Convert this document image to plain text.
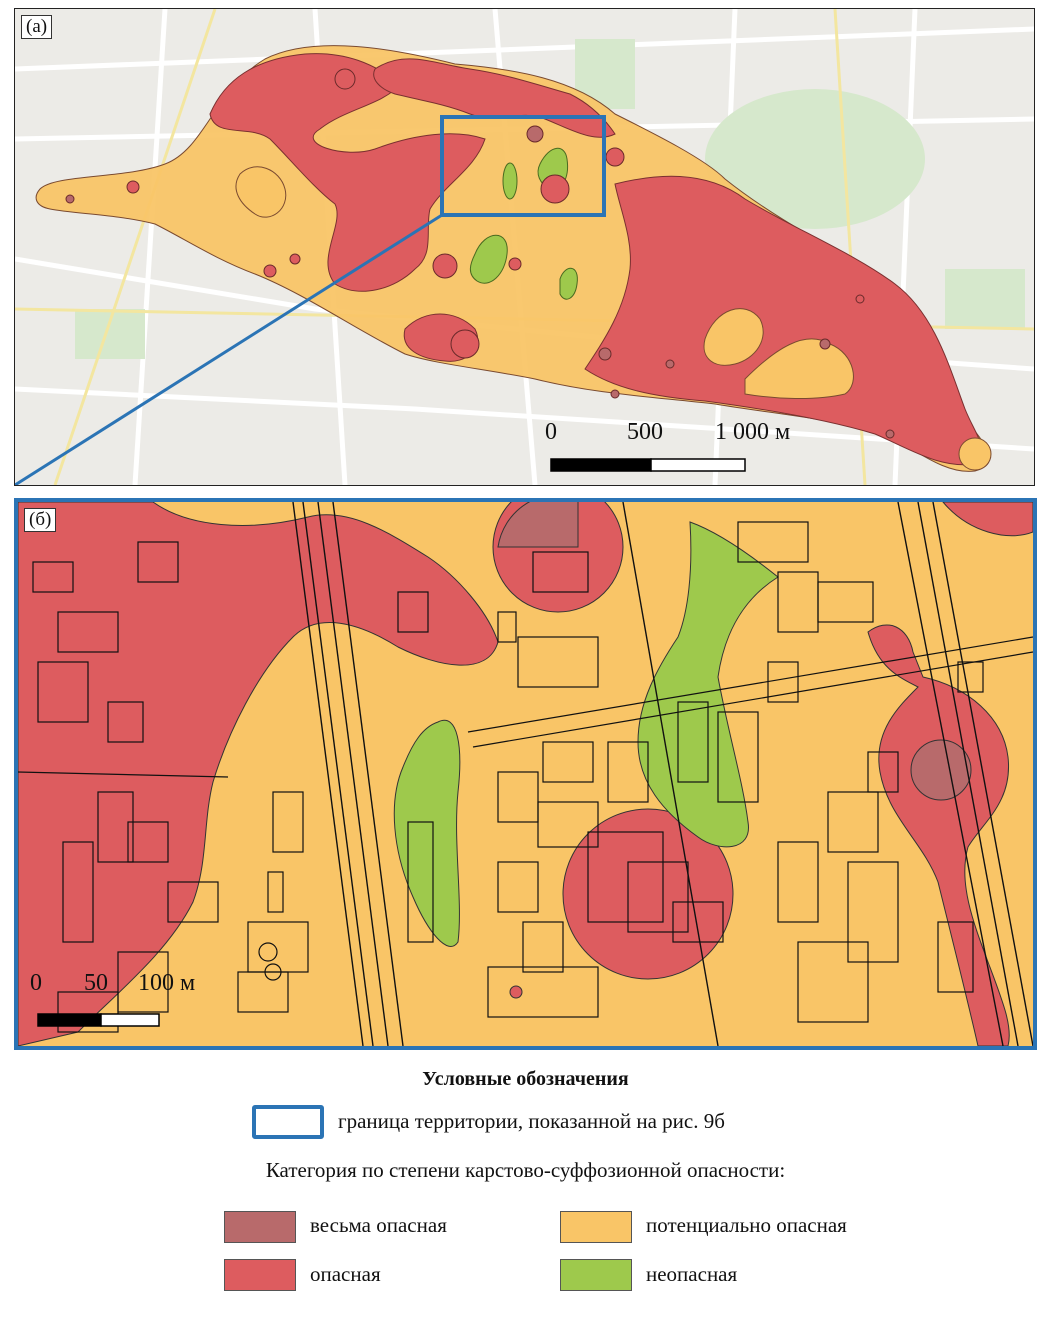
(а)
0	500 1 000 м
(б)
0 50 100 м
Условные обозначения
граница территории, показанной на рис. 9б
Категория по степени карстово-суффозионной опасности:
весьма опасная	потенциально опасная
опасная	неопасная
